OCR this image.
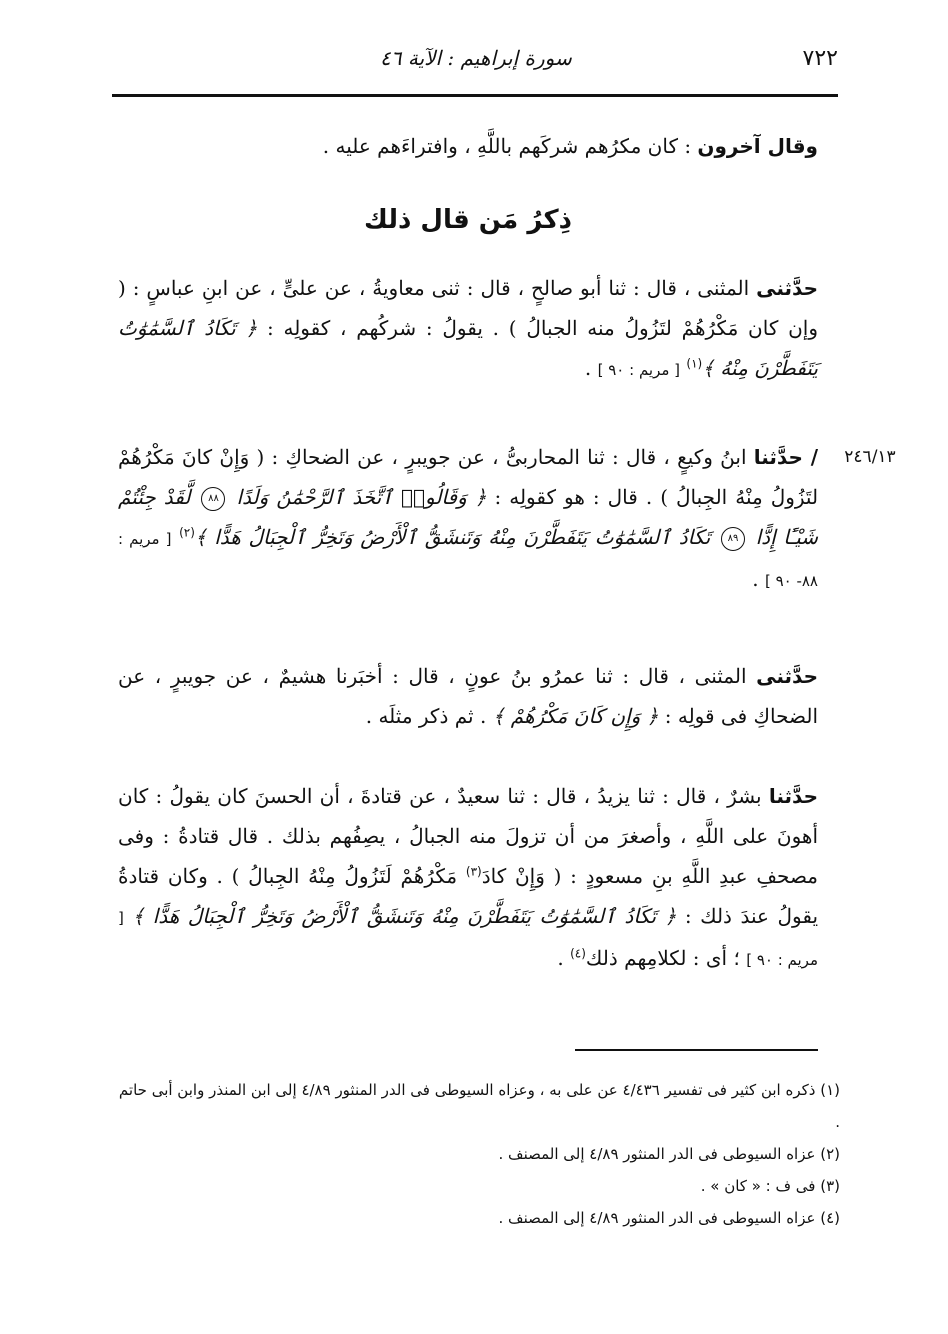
٧٢٢
سورة إبراهيم : الآية ٤٦
وقال آخرون : كان مكرُهم شركَهم باللَّهِ ، وافتراءَهم عليه .
ذِكرُ مَن قال ذلك
حدَّثنى المثنى ، قال : ثنا أبو صالحٍ ، قال : ثنى معاويةُ ، عن علىٍّ ، عن ابنِ عباسٍ : ( وإن كان مَكْرُهُمْ لتَزُولُ منه الجبالُ ) . يقولُ : شركُهم ، كقولِه : ﴿ تَكَادُ ٱلسَّمَٰوَٰتُ يَتَفَطَّرْنَ مِنْهُ ﴾$^{(١)}$ [ مريم : ٩٠ ] .
٢٤٦/١٣
/ حدَّثنا ابنُ وكيعٍ ، قال : ثنا المحاربىُّ ، عن جويبرٍ ، عن الضحاكِ : ( وَإِنْ كانَ مَكْرُهُمْ لتَزُولُ مِنْهُ الجِبالُ ) . قال : هو كقولِه : ﴿ وَقَالُوا۟ ٱتَّخَذَ ٱلرَّحْمَٰنُ وَلَدًا ٨٨ لَّقَدْ جِئْتُمْ شَيْـًٔا إِدًّا ٨٩ تَكَادُ ٱلسَّمَٰوَٰتُ يَتَفَطَّرْنَ مِنْهُ وَتَنشَقُّ ٱلْأَرْضُ وَتَخِرُّ ٱلْجِبَالُ هَدًّا ﴾$^{(٢)}$ [ مريم : ٨٨- ٩٠ ] .
حدَّثنى المثنى ، قال : ثنا عمرُو بنُ عونٍ ، قال : أخبَرنا هشيمٌ ، عن جويبرٍ ، عن الضحاكِ فى قولِه : ﴿ وَإِن كَانَ مَكْرُهُمْ ﴾ . ثم ذكر مثلَه .
حدَّثنا بشرٌ ، قال : ثنا يزيدُ ، قال : ثنا سعيدٌ ، عن قتادةَ ، أن الحسنَ كان يقولُ : كان أهونَ على اللَّهِ ، وأصغرَ من أن تزولَ منه الجبالُ ، يصِفُهم بذلك . قال قتادةُ : وفى مصحفِ عبدِ اللَّهِ بنِ مسعودٍ : ( وَإِنْ كادَ$^{(٣)}$ مَكْرُهُمْ لَتَزُولُ مِنْهُ الجِبالُ ) . وكان قتادةُ يقولُ عندَ ذلك : ﴿ تَكَادُ ٱلسَّمَٰوَٰتُ يَتَفَطَّرْنَ مِنْهُ وَتَنشَقُّ ٱلْأَرْضُ وَتَخِرُّ ٱلْجِبَالُ هَدًّا ﴾ [ مريم : ٩٠ ] ؛ أى : لكلامِهم ذلك$^{(٤)}$ .

(١) ذكره ابن كثير فى تفسير ٤/٤٣٦ عن على به ، وعزاه السيوطى فى الدر المنثور ٤/٨٩ إلى ابن المنذر وابن أبى حاتم .

(٢) عزاه السيوطى فى الدر المنثور ٤/٨٩ إلى المصنف .

(٣) فى ف : « كان » .

(٤) عزاه السيوطى فى الدر المنثور ٤/٨٩ إلى المصنف .
